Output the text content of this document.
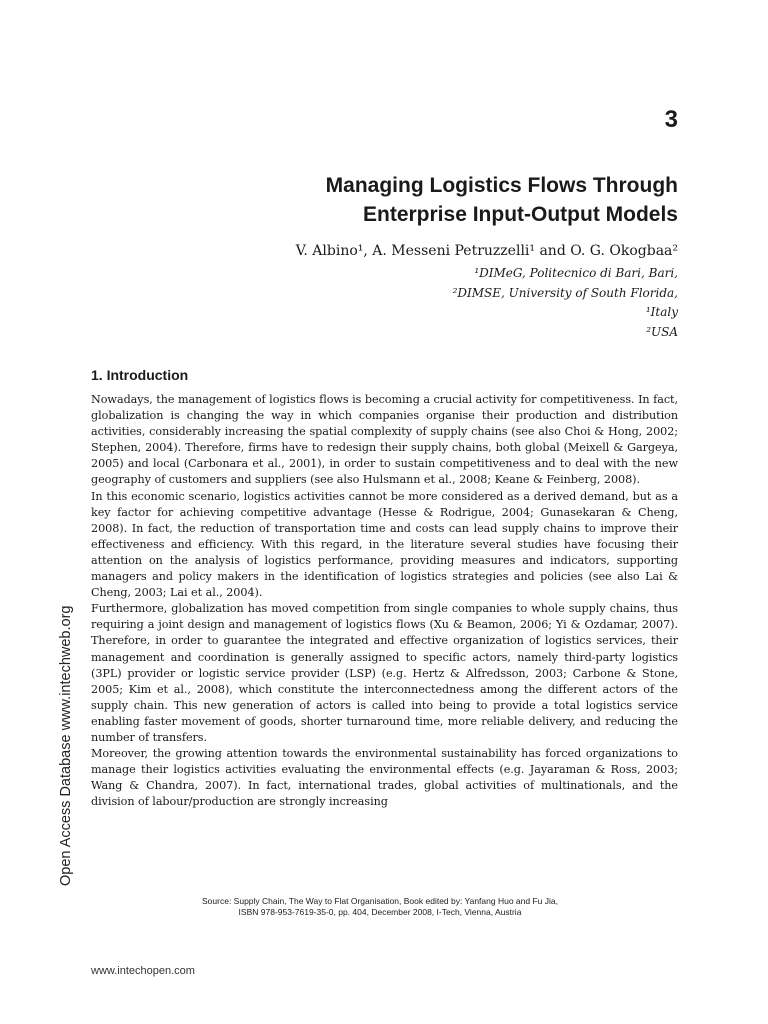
3
Managing Logistics Flows Through
Enterprise Input-Output Models
V. Albino¹, A. Messeni Petruzzelli¹ and O. G. Okogbaa²
¹DIMeG, Politecnico di Bari, Bari,
²DIMSE, University of South Florida,
¹Italy
²USA
1. Introduction

Nowadays, the management of logistics flows is becoming a crucial activity for competitiveness. In fact, globalization is changing the way in which companies organise their production and distribution activities, considerably increasing the spatial complexity of supply chains (see also Choi & Hong, 2002; Stephen, 2004). Therefore, firms have to redesign their supply chains, both global (Meixell & Gargeya, 2005) and local (Carbonara et al., 2001), in order to sustain competitiveness and to deal with the new geography of customers and suppliers (see also Hulsmann et al., 2008; Keane & Feinberg, 2008).

In this economic scenario, logistics activities cannot be more considered as a derived demand, but as a key factor for achieving competitive advantage (Hesse & Rodrigue, 2004; Gunasekaran & Cheng, 2008). In fact, the reduction of transportation time and costs can lead supply chains to improve their effectiveness and efficiency. With this regard, in the literature several studies have focusing their attention on the analysis of logistics performance, providing measures and indicators, supporting managers and policy makers in the identification of logistics strategies and policies (see also Lai & Cheng, 2003; Lai et al., 2004).

Furthermore, globalization has moved competition from single companies to whole supply chains, thus requiring a joint design and management of logistics flows (Xu & Beamon, 2006; Yi & Ozdamar, 2007). Therefore, in order to guarantee the integrated and effective organization of logistics services, their management and coordination is generally assigned to specific actors, namely third-party logistics (3PL) provider or logistic service provider (LSP) (e.g. Hertz & Alfredsson, 2003; Carbone & Stone, 2005; Kim et al., 2008), which constitute the interconnectedness among the different actors of the supply chain. This new generation of actors is called into being to provide a total logistics service enabling faster movement of goods, shorter turnaround time, more reliable delivery, and reducing the number of transfers.

Moreover, the growing attention towards the environmental sustainability has forced organizations to manage their logistics activities evaluating the environmental effects (e.g. Jayaraman & Ross, 2003; Wang & Chandra, 2007). In fact, international trades, global activities of multinationals, and the division of labour/production are strongly increasing

Open Access Database www.intechweb.org
Source: Supply Chain, The Way to Flat Organisation, Book edited by: Yanfang Huo and Fu Jia,
ISBN 978-953-7619-35-0, pp. 404, December 2008, I-Tech, Vienna, Austria
www.intechopen.com
